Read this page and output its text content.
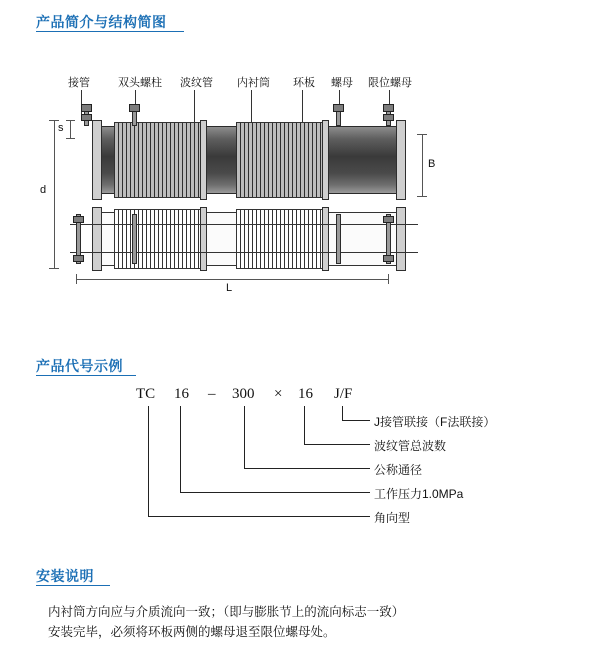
产品简介与结构简图
接管	双头螺柱 波纹管 内衬筒 环板 螺母 限位螺母
s
d
B
L
产品代号示例
TC 16 – 300 × 16 J/F
J接管联接（F法联接）
波纹管总波数
公称通径
工作压力1.0MPa
角向型
安装说明
内衬筒方向应与介质流向一致；（即与膨胀节上的流向标志一致）
安装完毕，必须将环板两侧的螺母退至限位螺母处。
